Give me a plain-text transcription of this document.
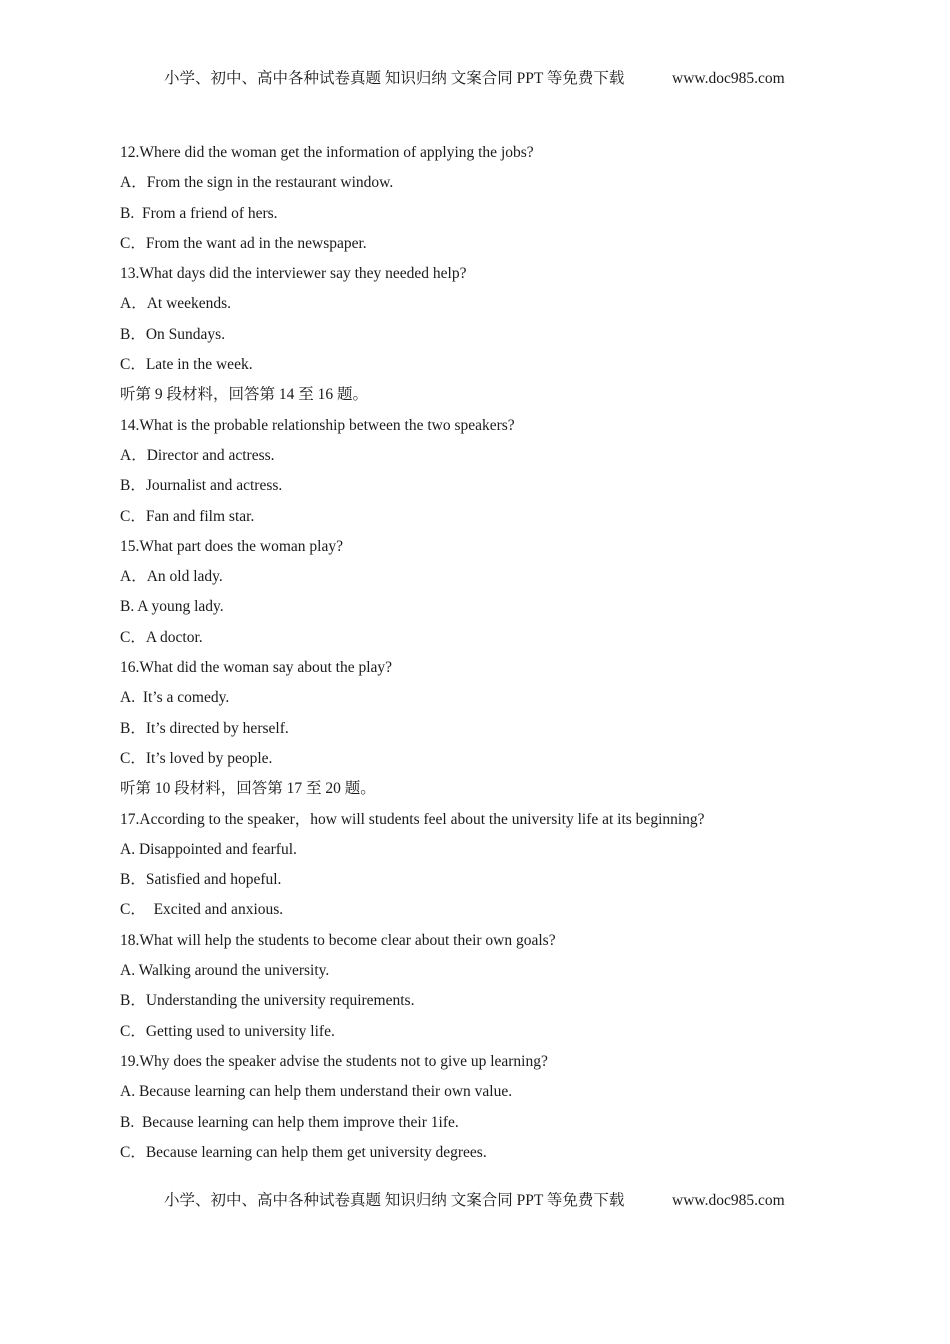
小学、初中、高中各种试卷真题 知识归纳 文案合同 PPT 等免费下载	www.doc985.com
12.Where did the woman get the information of applying the jobs?
A．From the sign in the restaurant window.
B.  From a friend of hers.
C．From the want ad in the newspaper.
13.What days did the interviewer say they needed help?
A．At weekends.
B．On Sundays.
C．Late in the week.
听第 9 段材料，回答第 14 至 16 题。
14.What is the probable relationship between the two speakers?
A．Director and actress.
B．Journalist and actress.
C．Fan and film star.
15.What part does the woman play?
A．An old lady.
B. A young lady.
C．A doctor.
16.What did the woman say about the play?
A.  It’s a comedy.
B．It’s directed by herself.
C．It’s loved by people.
听第 10 段材料，回答第 17 至 20 题。
17.According to the speaker，how will students feel about the university life at its beginning?
A. Disappointed and fearful.
B．Satisfied and hopeful.
C．  Excited and anxious.
18.What will help the students to become clear about their own goals?
A. Walking around the university.
B．Understanding the university requirements.
C．Getting used to university life.
19.Why does the speaker advise the students not to give up learning?
A. Because learning can help them understand their own value.
B.  Because learning can help them improve their 1ife.
C．Because learning can help them get university degrees.
小学、初中、高中各种试卷真题 知识归纳 文案合同 PPT 等免费下载	www.doc985.com
